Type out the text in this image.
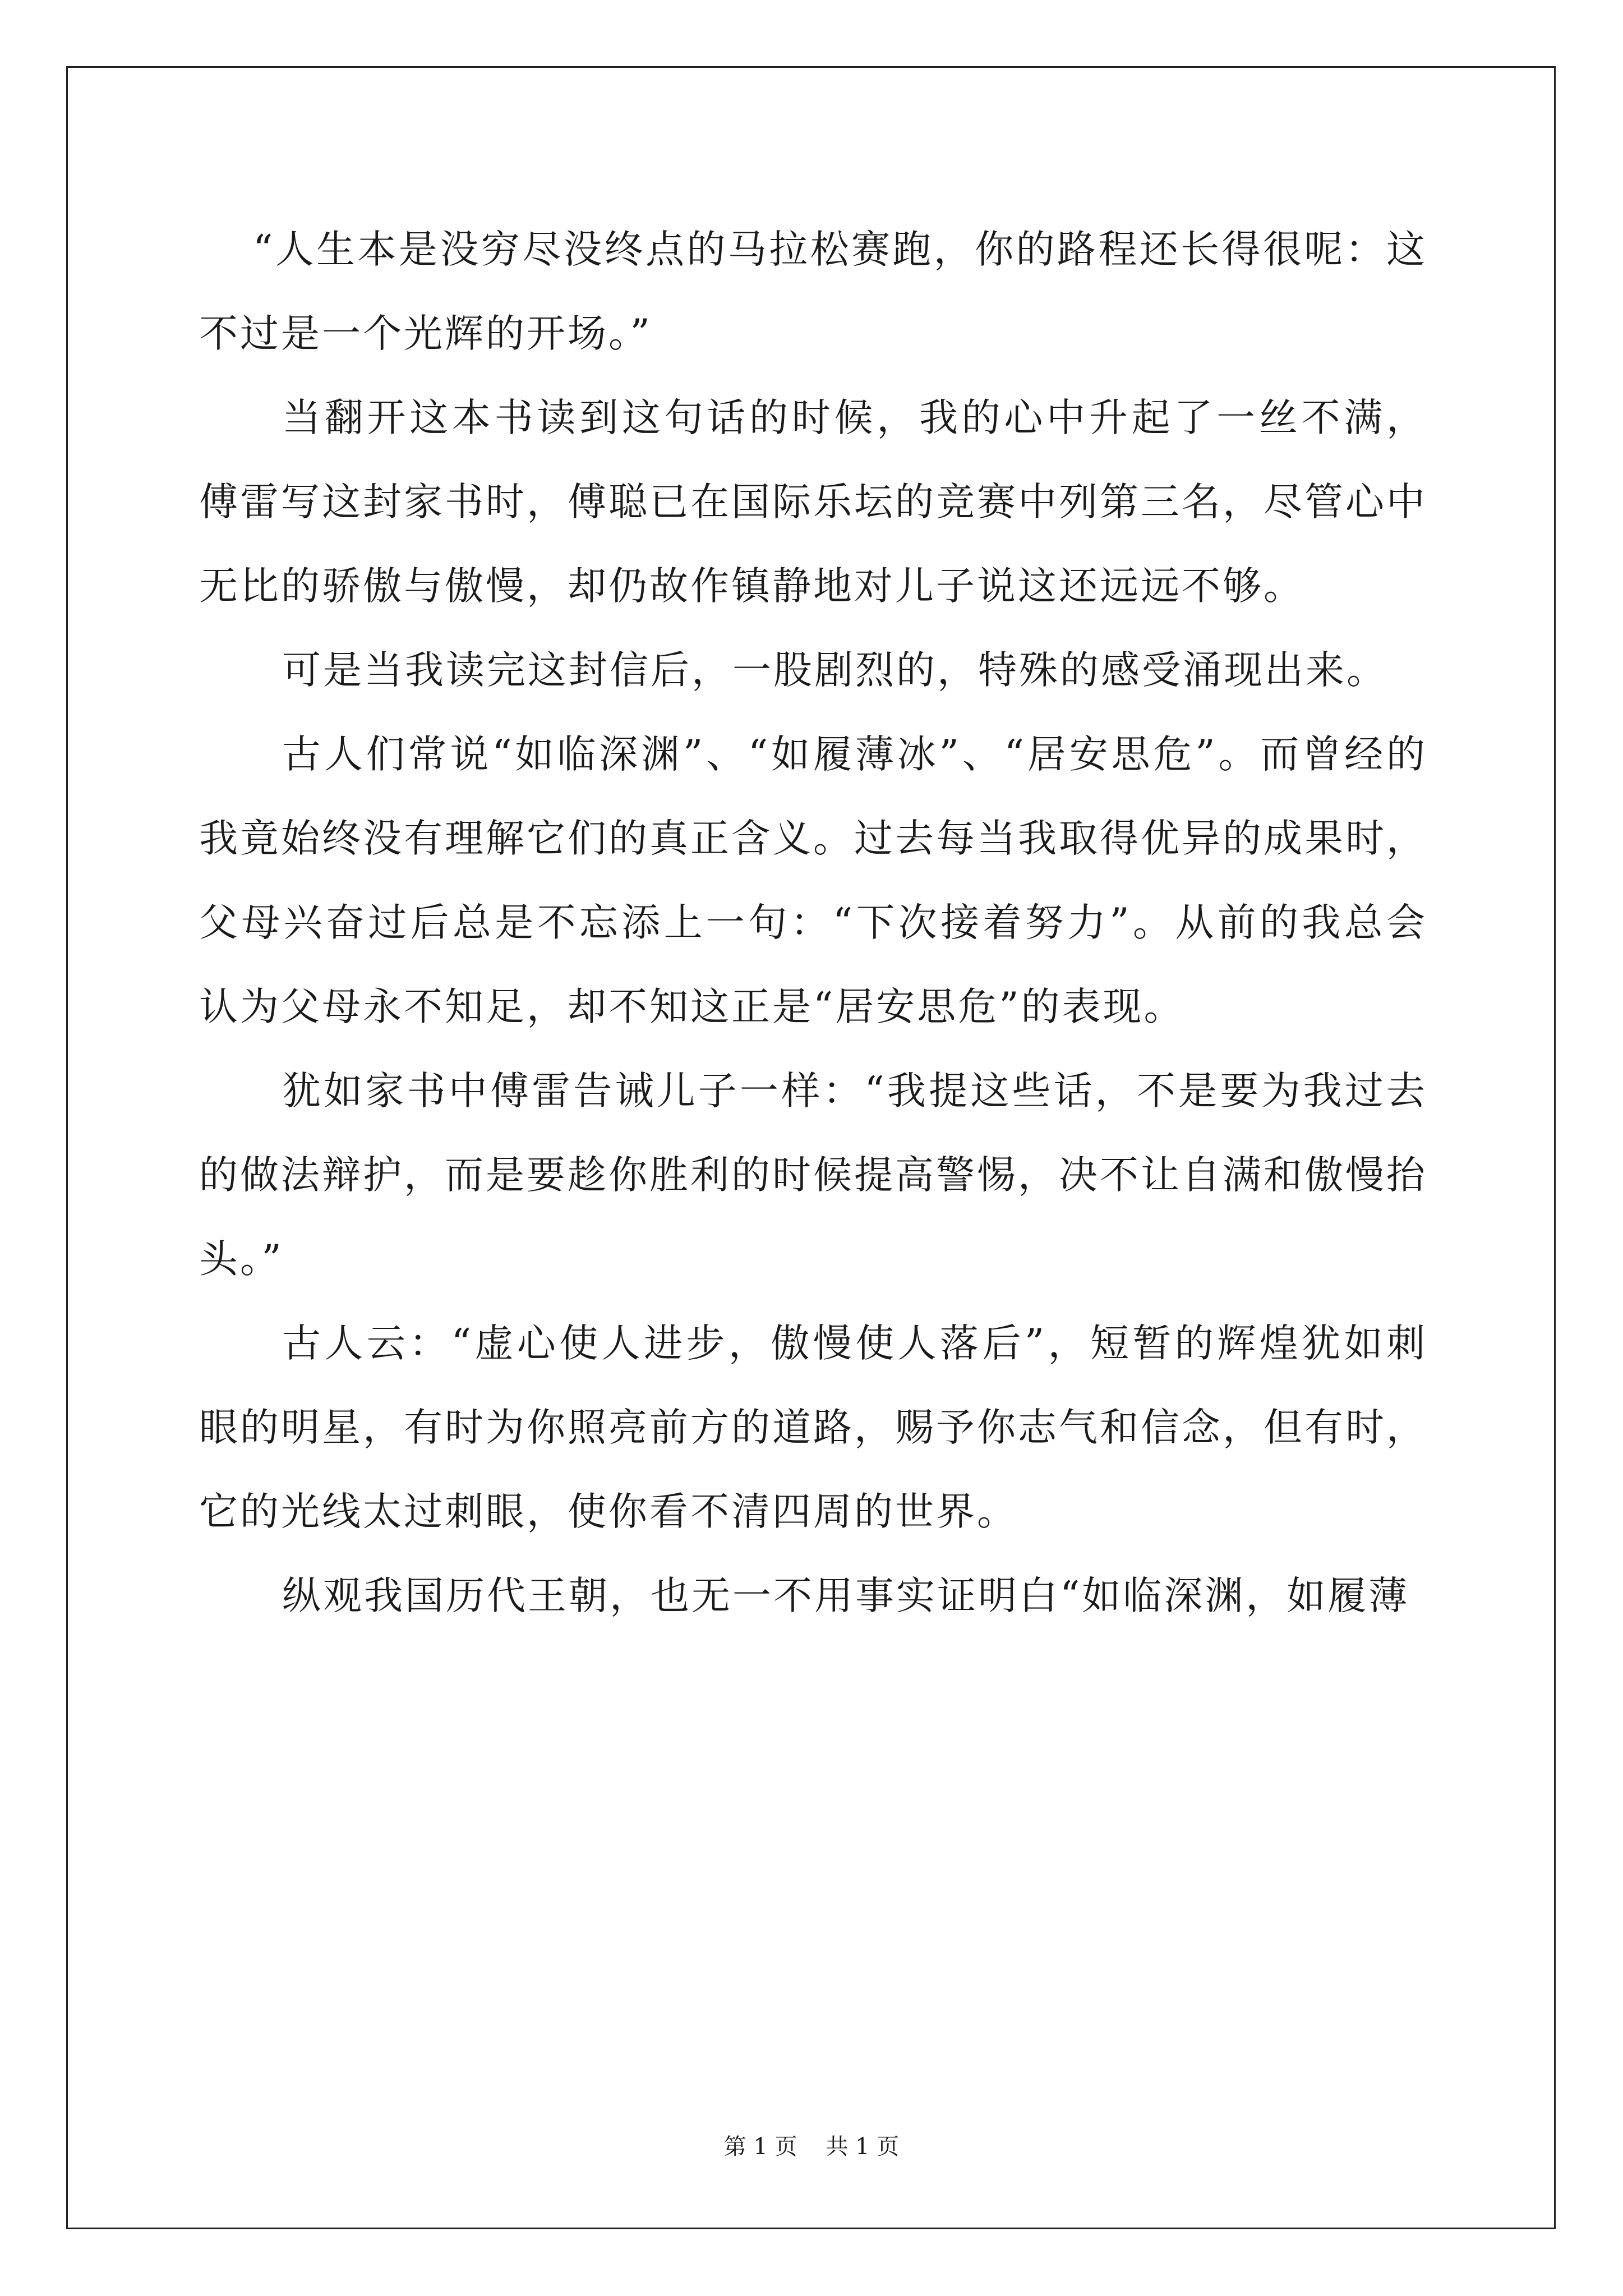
“人生本是没穷尽没终点的马拉松赛跑，你的路程还长得很呢：这不过是一个光辉的开场。”

当翻开这本书读到这句话的时候，我的心中升起了一丝不满，傅雷写这封家书时，傅聪已在国际乐坛的竞赛中列第三名，尽管心中无比的骄傲与傲慢，却仍故作镇静地对儿子说这还远远不够。

可是当我读完这封信后，一股剧烈的，特殊的感受涌现出来。

古人们常说“如临深渊”、“如履薄冰”、“居安思危”。而曾经的我竟始终没有理解它们的真正含义。过去每当我取得优异的成果时，父母兴奋过后总是不忘添上一句：“下次接着努力”。从前的我总会认为父母永不知足，却不知这正是“居安思危”的表现。

犹如家书中傅雷告诫儿子一样：“我提这些话，不是要为我过去的做法辩护，而是要趁你胜利的时候提高警惕，决不让自满和傲慢抬头。”

古人云：“虚心使人进步，傲慢使人落后”，短暂的辉煌犹如刺眼的明星，有时为你照亮前方的道路，赐予你志气和信念，但有时，它的光线太过刺眼，使你看不清四周的世界。

纵观我国历代王朝，也无一不用事实证明白“如临深渊，如履薄

第 1 页 共 1 页
